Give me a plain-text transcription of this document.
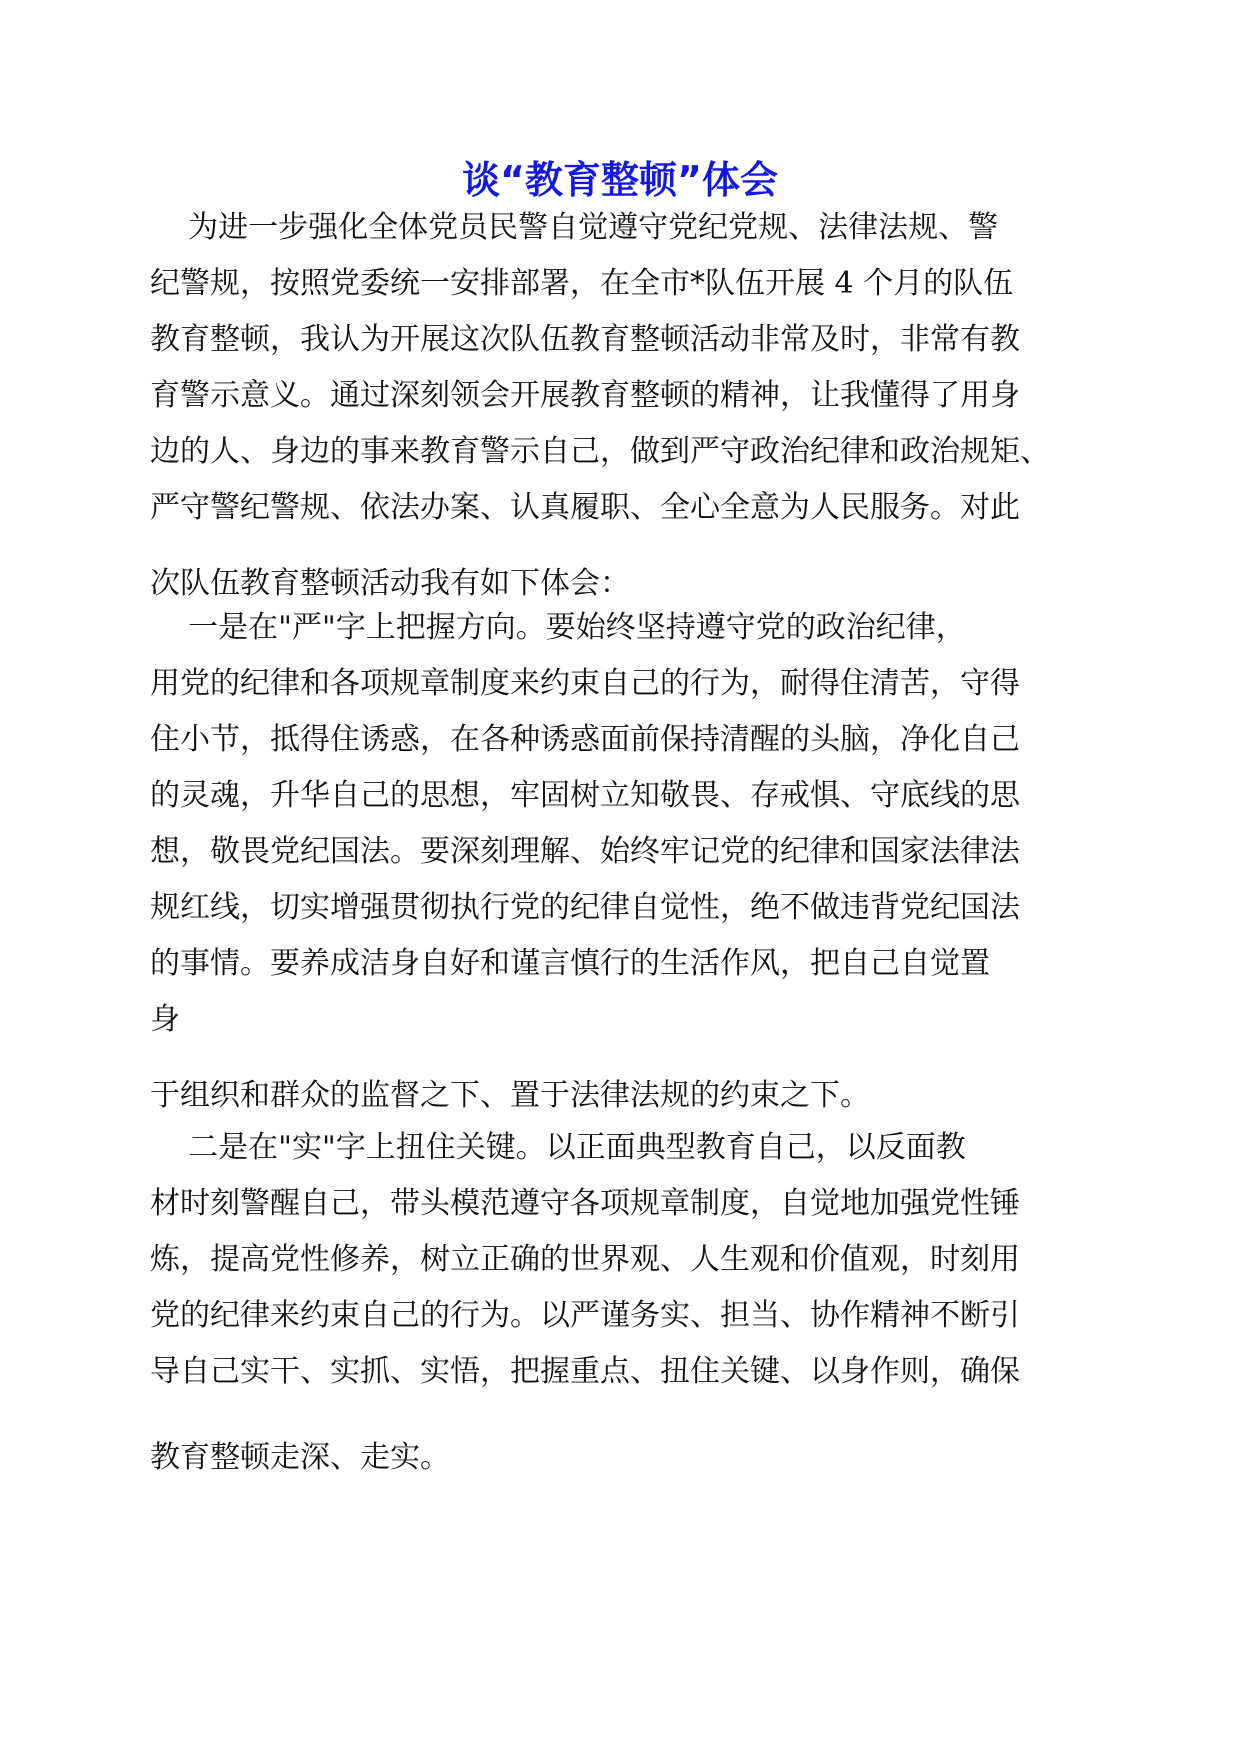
谈“教育整顿”体会

为进一步强化全体党员民警自觉遵守党纪党规、法律法规、警
纪警规，按照党委统一安排部署，在全市*队伍开展 4 个月的队伍
教育整顿，我认为开展这次队伍教育整顿活动非常及时，非常有教
育警示意义。通过深刻领会开展教育整顿的精神，让我懂得了用身
边的人、身边的事来教育警示自己，做到严守政治纪律和政治规矩、
严守警纪警规、依法办案、认真履职、全心全意为人民服务。对此
次队伍教育整顿活动我有如下体会：

一是在"严"字上把握方向。要始终坚持遵守党的政治纪律，
用党的纪律和各项规章制度来约束自己的行为，耐得住清苦，守得
住小节，抵得住诱惑，在各种诱惑面前保持清醒的头脑，净化自己
的灵魂，升华自己的思想，牢固树立知敬畏、存戒惧、守底线的思
想，敬畏党纪国法。要深刻理解、始终牢记党的纪律和国家法律法
规红线，切实增强贯彻执行党的纪律自觉性，绝不做违背党纪国法
的事情。要养成洁身自好和谨言慎行的生活作风，把自己自觉置
身
于组织和群众的监督之下、置于法律法规的约束之下。

二是在"实"字上扭住关键。以正面典型教育自己，以反面教
材时刻警醒自己，带头模范遵守各项规章制度，自觉地加强党性锤
炼，提高党性修养，树立正确的世界观、人生观和价值观，时刻用
党的纪律来约束自己的行为。以严谨务实、担当、协作精神不断引
导自己实干、实抓、实悟，把握重点、扭住关键、以身作则，确保
教育整顿走深、走实。
